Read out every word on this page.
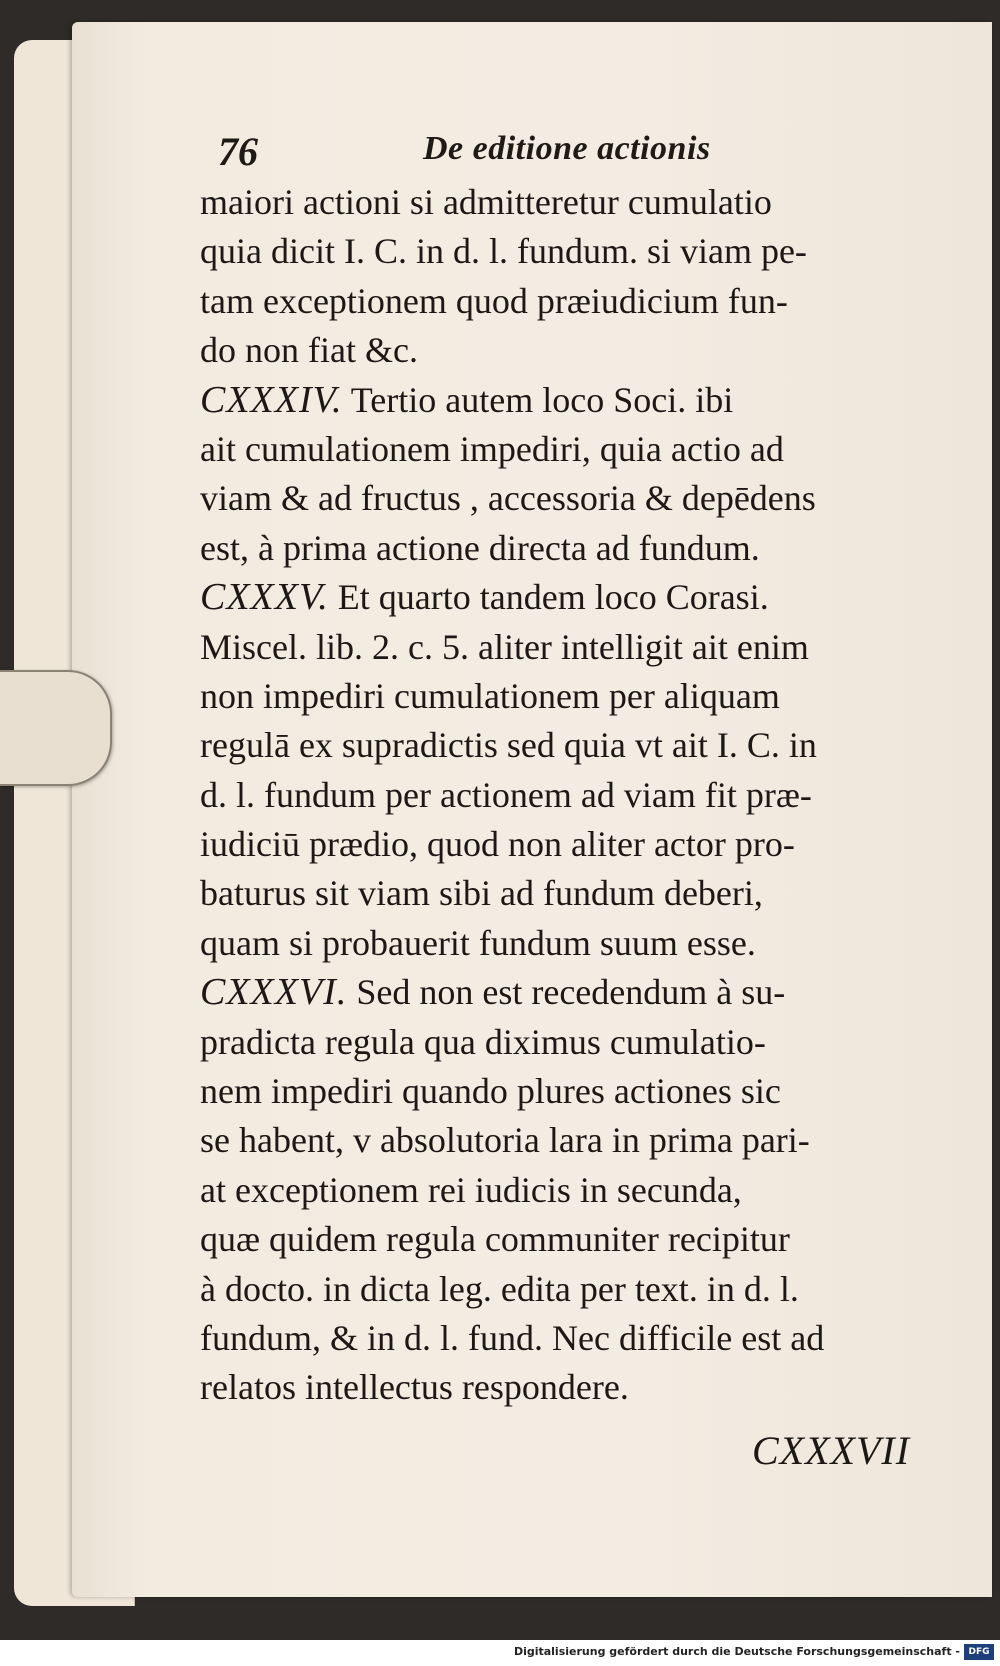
76	De editione actionis
maiori actioni si admitteretur cumulatio
quia dicit I. C. in d. l. fundum. si viam pe-
tam exceptionem quod præiudicium fun-
do non fiat &c.
CXXXIV. Tertio autem loco Soci. ibi
ait cumulationem impediri, quia actio ad
viam & ad fructus , accessoria & depēdens
est, à prima actione directa ad fundum.
CXXXV. Et quarto tandem loco Corasi.
Miscel. lib. 2. c. 5. aliter intelligit ait enim
non impediri cumulationem per aliquam
regulā ex supradictis sed quia vt ait I. C. in
d. l. fundum per actionem ad viam fit præ-
iudiciū prædio, quod non aliter actor pro-
baturus sit viam sibi ad fundum deberi,
quam si probauerit fundum suum esse.
CXXXVI. Sed non est recedendum à su-
pradicta regula qua diximus cumulatio-
nem impediri quando plures actiones sic
se habent, v absolutoria lara in prima pari-
at exceptionem rei iudicis in secunda,
quæ quidem regula communiter recipitur
à docto. in dicta leg. edita per text. in d. l.
fundum, & in d. l. fund. Nec difficile est ad
relatos intellectus respondere.
CXXXVII
Digitalisierung gefördert durch die Deutsche Forschungsgemeinschaft - DFG
